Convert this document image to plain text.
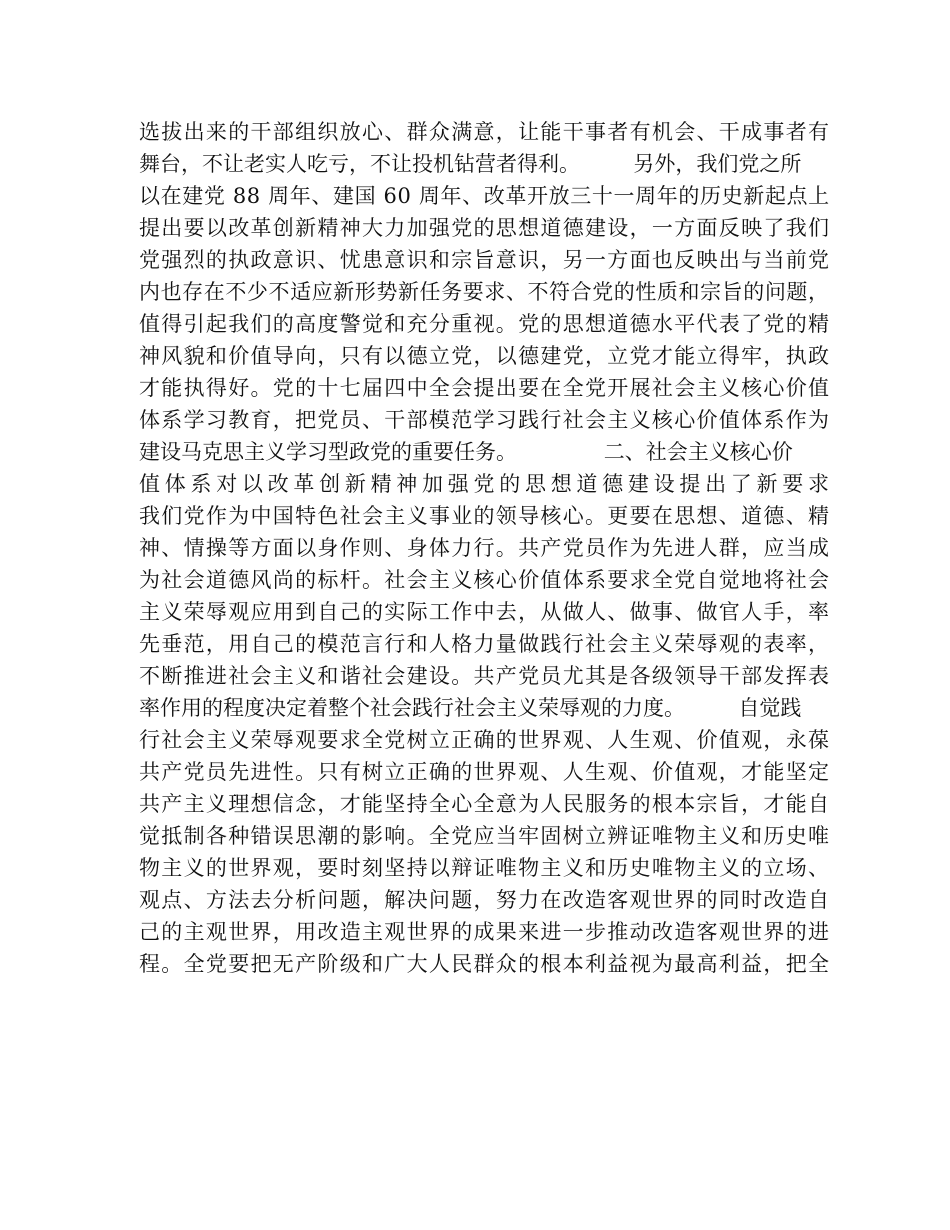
选拔出来的干部组织放心、群众满意，让能干事者有机会、干成事者有
舞台，不让老实人吃亏，不让投机钻营者得利。        另外，我们党之所
以在建党 88 周年、建国 60 周年、改革开放三十一周年的历史新起点上
提出要以改革创新精神大力加强党的思想道德建设，一方面反映了我们
党强烈的执政意识、忧患意识和宗旨意识，另一方面也反映出与当前党
内也存在不少不适应新形势新任务要求、不符合党的性质和宗旨的问题，
值得引起我们的高度警觉和充分重视。党的思想道德水平代表了党的精
神风貌和价值导向，只有以德立党，以德建党，立党才能立得牢，执政
才能执得好。党的十七届四中全会提出要在全党开展社会主义核心价值
体系学习教育，把党员、干部模范学习践行社会主义核心价值体系作为
建设马克思主义学习型政党的重要任务。             二、社会主义核心价
值体系对以改革创新精神加强党的思想道德建设提出了新要求
我们党作为中国特色社会主义事业的领导核心。更要在思想、道德、精
神、情操等方面以身作则、身体力行。共产党员作为先进人群，应当成
为社会道德风尚的标杆。社会主义核心价值体系要求全党自觉地将社会
主义荣辱观应用到自己的实际工作中去，从做人、做事、做官人手，率
先垂范，用自己的模范言行和人格力量做践行社会主义荣辱观的表率，
不断推进社会主义和谐社会建设。共产党员尤其是各级领导干部发挥表
率作用的程度决定着整个社会践行社会主义荣辱观的力度。        自觉践
行社会主义荣辱观要求全党树立正确的世界观、人生观、价值观，永葆
共产党员先进性。只有树立正确的世界观、人生观、价值观，才能坚定
共产主义理想信念，才能坚持全心全意为人民服务的根本宗旨，才能自
觉抵制各种错误思潮的影响。全党应当牢固树立辨证唯物主义和历史唯
物主义的世界观，要时刻坚持以辩证唯物主义和历史唯物主义的立场、
观点、方法去分析问题，解决问题，努力在改造客观世界的同时改造自
己的主观世界，用改造主观世界的成果来进一步推动改造客观世界的进
程。全党要把无产阶级和广大人民群众的根本利益视为最高利益，把全
